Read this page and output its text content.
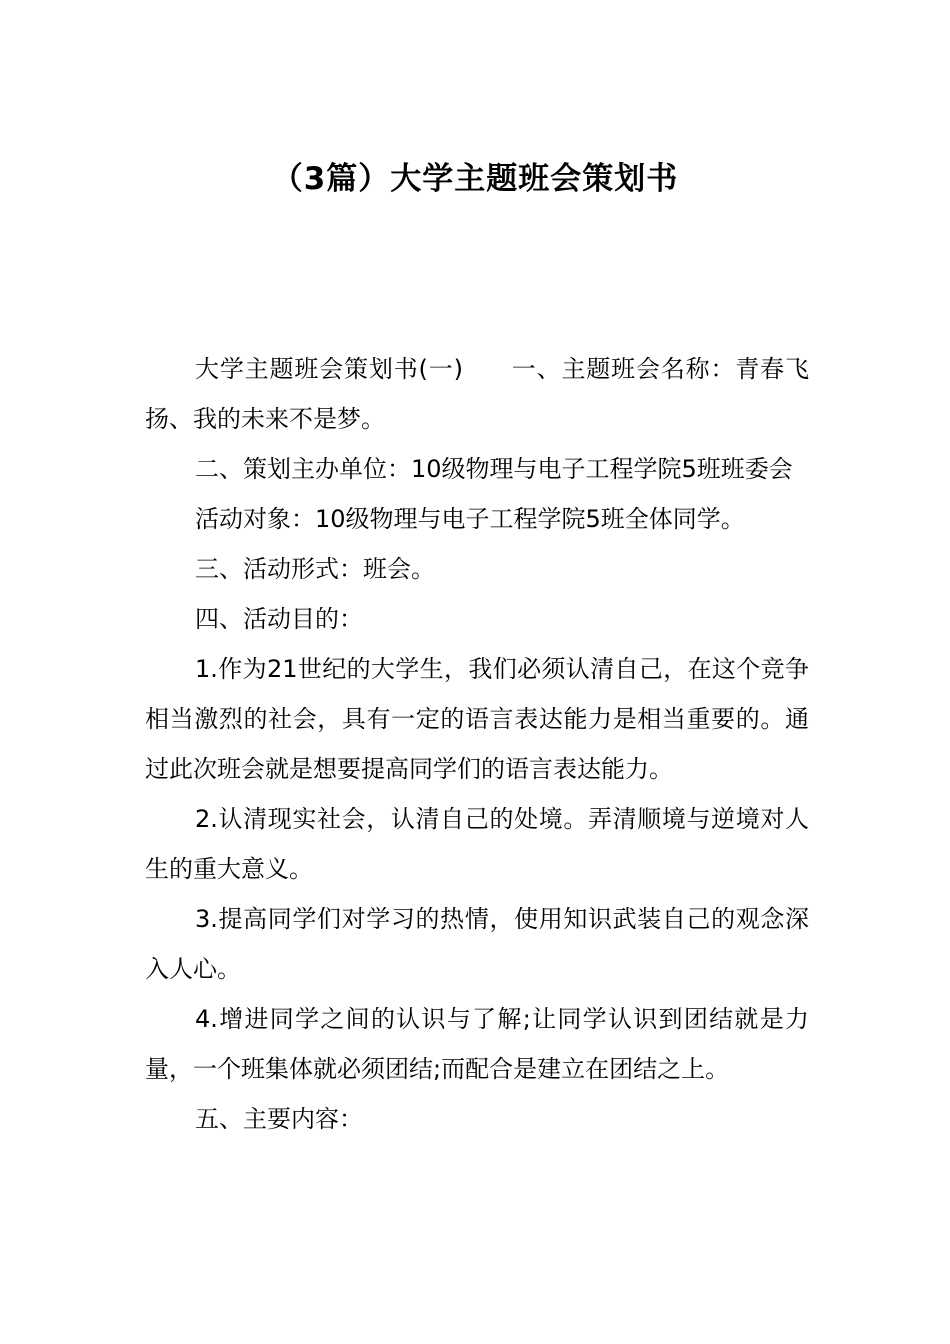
（3篇）大学主题班会策划书

大学主题班会策划书(一) 一、主题班会名称：青春飞扬、我的未来不是梦。

二、策划主办单位：10级物理与电子工程学院5班班委会

活动对象：10级物理与电子工程学院5班全体同学。

三、活动形式：班会。

四、活动目的：

1.作为21世纪的大学生，我们必须认清自己，在这个竞争相当激烈的社会，具有一定的语言表达能力是相当重要的。通过此次班会就是想要提高同学们的语言表达能力。

2.认清现实社会，认清自己的处境。弄清顺境与逆境对人生的重大意义。

3.提高同学们对学习的热情，使用知识武装自己的观念深入人心。

4.增进同学之间的认识与了解;让同学认识到团结就是力量，一个班集体就必须团结;而配合是建立在团结之上。

五、主要内容：
